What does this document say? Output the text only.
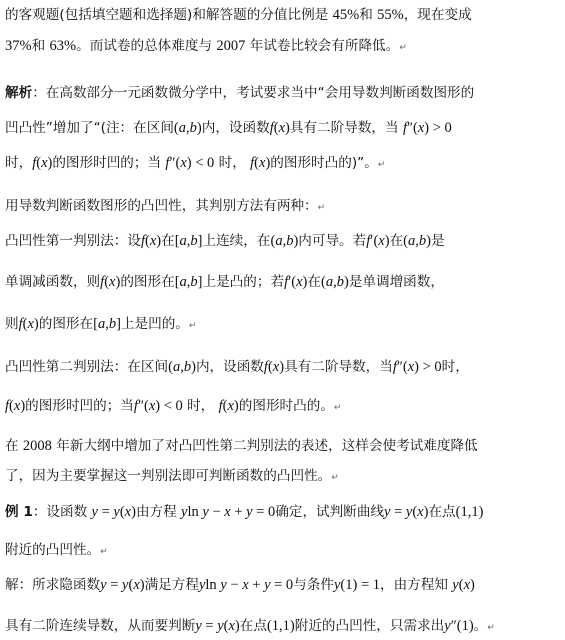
的客观题(包括填空题和选择题)和解答题的分值比例是 45%和 55%，现在变成
37%和 63%。而试卷的总体难度与 2007 年试卷比较会有所降低。↵
解析：在高数部分一元函数微分学中，考试要求当中“会用导数判断函数图形的
凹凸性”增加了“(注：在区间(a,b)内，设函数f(x)具有二阶导数，当 f″(x) > 0
时，f(x)的图形时凹的；当 f″(x) < 0 时， f(x)的图形时凸的)”。↵
用导数判断函数图形的凸凹性，其判别方法有两种：↵
凸凹性第一判别法：设f(x)在[a,b]上连续，在(a,b)内可导。若f′(x)在(a,b)是
单调减函数，则f(x)的图形在[a,b]上是凸的；若f′(x)在(a,b)是单调增函数，
则f(x)的图形在[a,b]上是凹的。↵
凸凹性第二判别法：在区间(a,b)内，设函数f(x)具有二阶导数，当f″(x) > 0时，
f(x)的图形时凹的；当f″(x) < 0 时， f(x)的图形时凸的。↵
在 2008 年新大纲中增加了对凸凹性第二判别法的表述，这样会使考试难度降低
了，因为主要掌握这一判别法即可判断函数的凸凹性。↵
例 1：设函数 y = y(x)由方程 yln y − x + y = 0确定，试判断曲线y = y(x)在点(1,1)
附近的凸凹性。↵
解：所求隐函数y = y(x)满足方程yln y − x + y = 0与条件y(1) = 1，由方程知 y(x)
具有二阶连续导数，从而要判断y = y(x)在点(1,1)附近的凸凹性，只需求出y″(1)。↵
